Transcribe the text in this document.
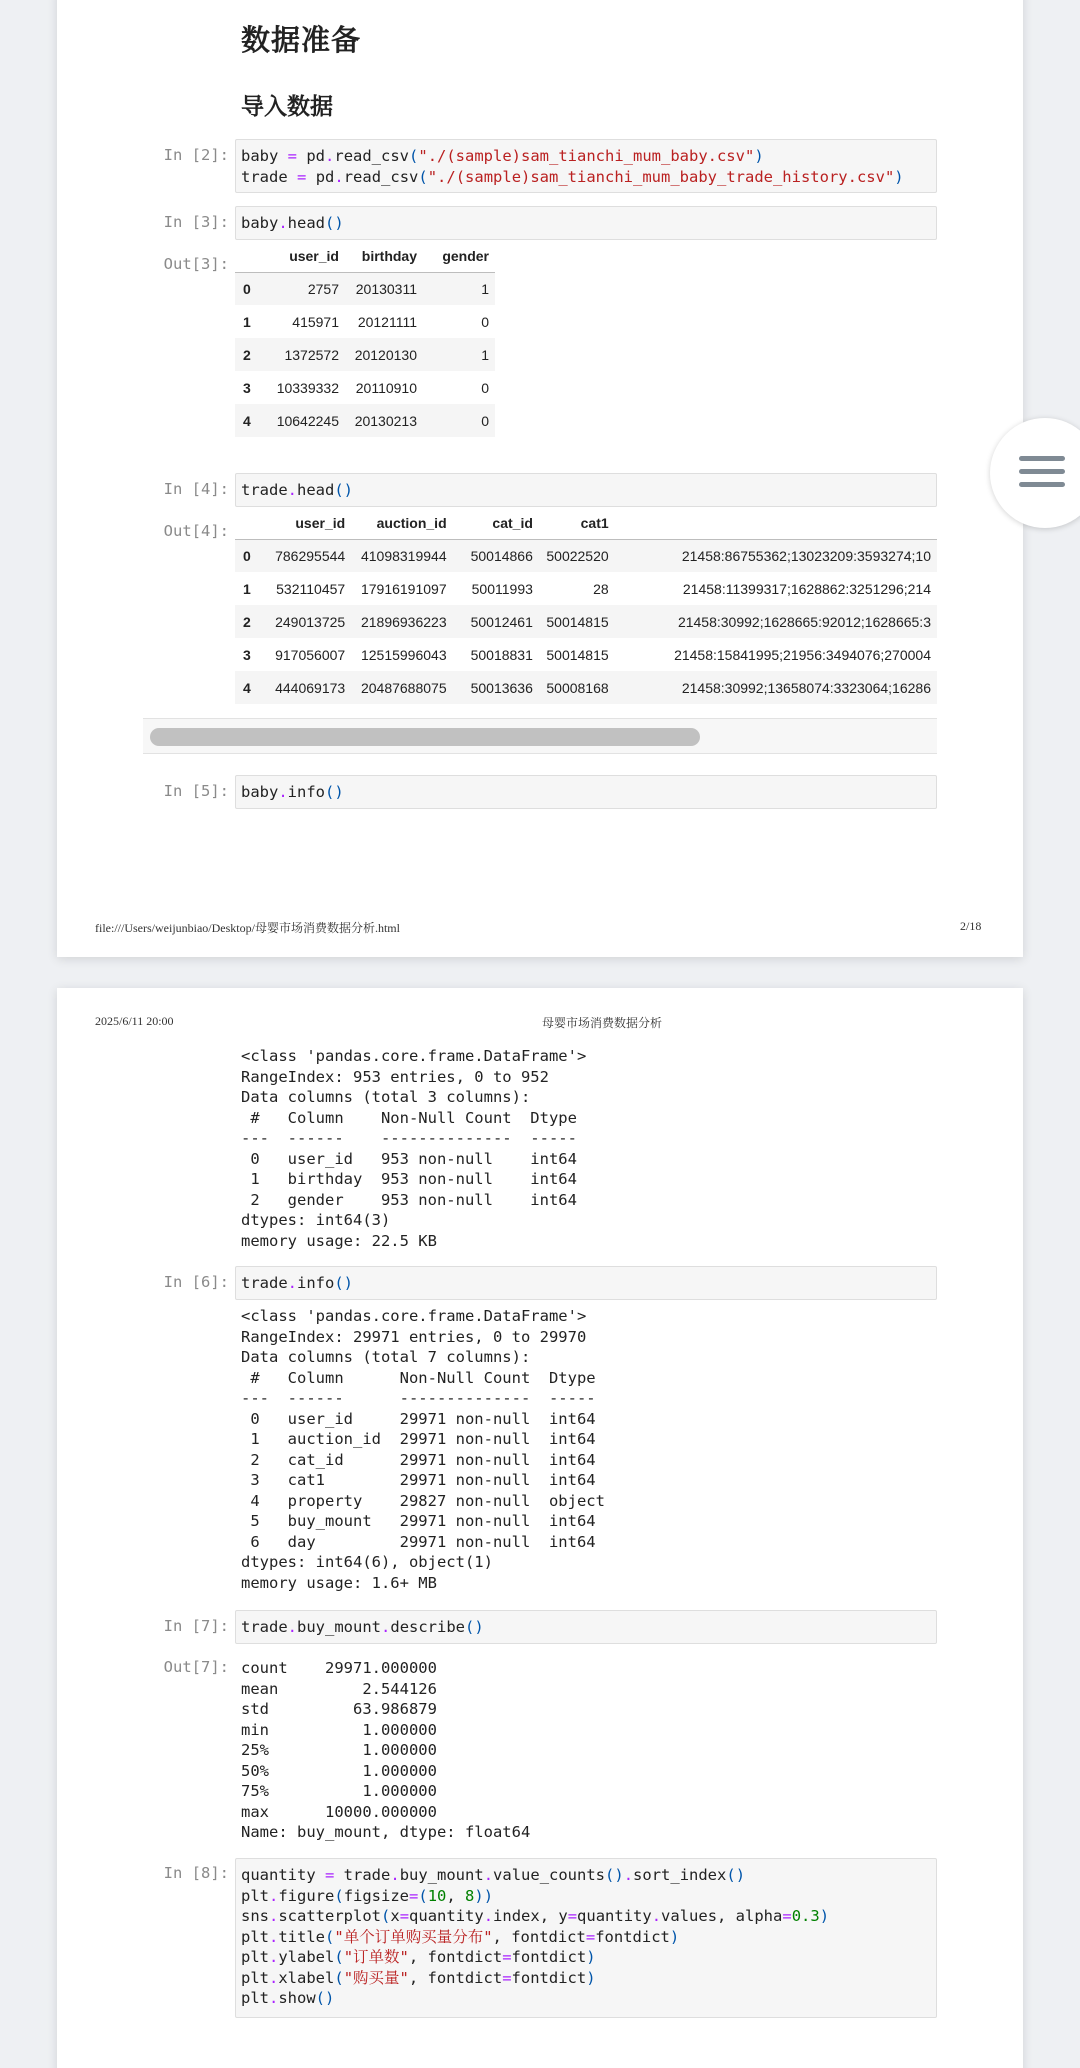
数据准备
导入数据
In [2]: baby = pd.read_csv("./(sample)sam_tianchi_mum_baby.csv")
trade = pd.read_csv("./(sample)sam_tianchi_mum_baby_trade_history.csv")
In [3]: baby.head()
Out[3]:
		user_id	birthday	gender
0	2757	20130311	1
1	415971	20121111	0
2	1372572	20120130	1
3	10339332	20110910	0
4	10642245	20130213	0
In [4]: trade.head()
Out[4]:
		user_id	auction_id	cat_id	cat1	
0	786295544	41098319944	50014866	50022520	21458:86755362;13023209:3593274;10
1	532110457	17916191097	50011993	28	21458:11399317;1628862:3251296;214
2	249013725	21896936223	50012461	50014815	21458:30992;1628665:92012;1628665:3
3	917056007	12515996043	50018831	50014815	21458:15841995;21956:3494076;270004
4	444069173	20487688075	50013636	50008168	21458:30992;13658074:3323064;16286
In [5]: baby.info()
file:///Users/weijunbiao/Desktop/母婴市场消费数据分析.html	2/18
2025/6/11 20:00	母婴市场消费数据分析
<class 'pandas.core.frame.DataFrame'>
RangeIndex: 953 entries, 0 to 952
Data columns (total 3 columns):
#   Column    Non-Null Count  Dtype
---  ------    --------------  -----
0   user_id   953 non-null    int64
1   birthday  953 non-null    int64
2   gender    953 non-null    int64
dtypes: int64(3)
memory usage: 22.5 KB
In [6]: trade.info()
<class 'pandas.core.frame.DataFrame'>
RangeIndex: 29971 entries, 0 to 29970
Data columns (total 7 columns):
#   Column      Non-Null Count  Dtype
---  ------      --------------  -----
0   user_id     29971 non-null  int64
1   auction_id  29971 non-null  int64
2   cat_id      29971 non-null  int64
3   cat1        29971 non-null  int64
4   property    29827 non-null  object
5   buy_mount   29971 non-null  int64
6   day         29971 non-null  int64
dtypes: int64(6), object(1)
memory usage: 1.6+ MB
In [7]: trade.buy_mount.describe()
Out[7]: count    29971.000000
mean         2.544126
std         63.986879
min          1.000000
25%          1.000000
50%          1.000000
75%          1.000000
max      10000.000000
Name: buy_mount, dtype: float64
In [8]: quantity = trade.buy_mount.value_counts().sort_index()
plt.figure(figsize=(10, 8))
sns.scatterplot(x=quantity.index, y=quantity.values, alpha=0.3)
plt.title("单个订单购买量分布", fontdict=fontdict)
plt.ylabel("订单数", fontdict=fontdict)
plt.xlabel("购买量", fontdict=fontdict)
plt.show()
